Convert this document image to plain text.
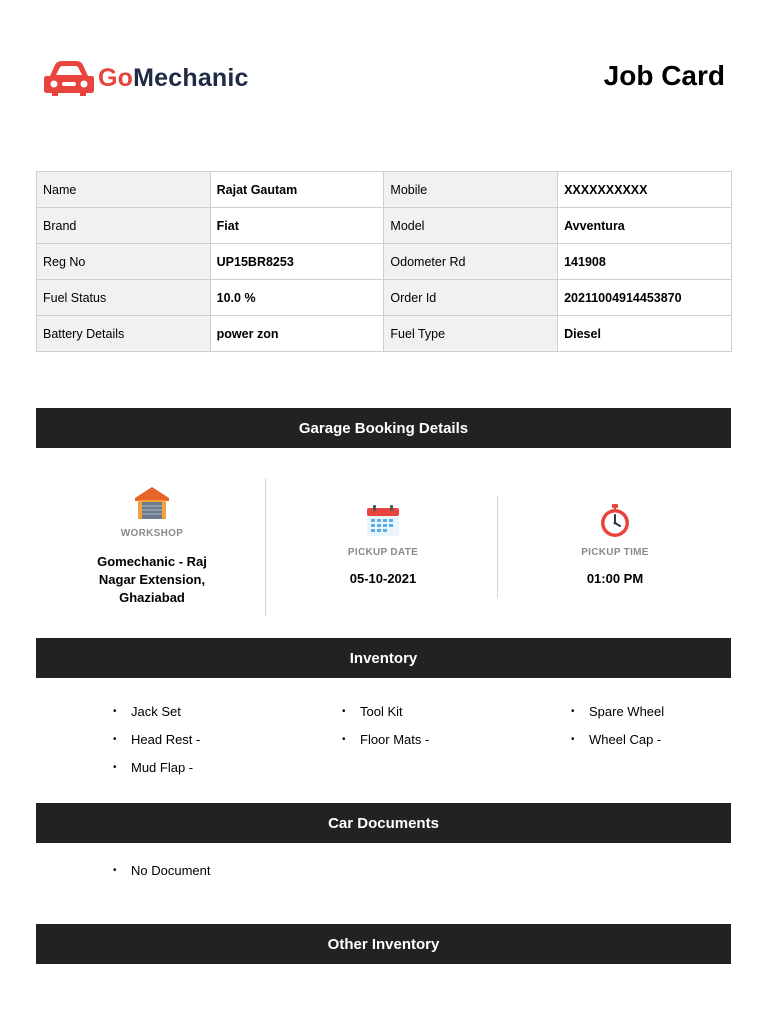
GoMechanic	Job Card
Name	Rajat Gautam	Mobile	XXXXXXXXXX
Brand	Fiat	Model	Avventura
Reg No	UP15BR8253	Odometer Rd	141908
Fuel Status	10.0 %	Order Id	20211004914453870
Battery Details	power zon	Fuel Type	Diesel
Garage Booking Details
WORKSHOP
Gomechanic - Raj
Nagar Extension,
Ghaziabad
PICKUP DATE
05-10-2021
PICKUP TIME
01:00 PM
Inventory
•	Jack Set
•	Head Rest -
•	Mud Flap -
•	Tool Kit
•	Floor Mats -
•	Spare Wheel
•	Wheel Cap -
Car Documents
•	No Document
Other Inventory
